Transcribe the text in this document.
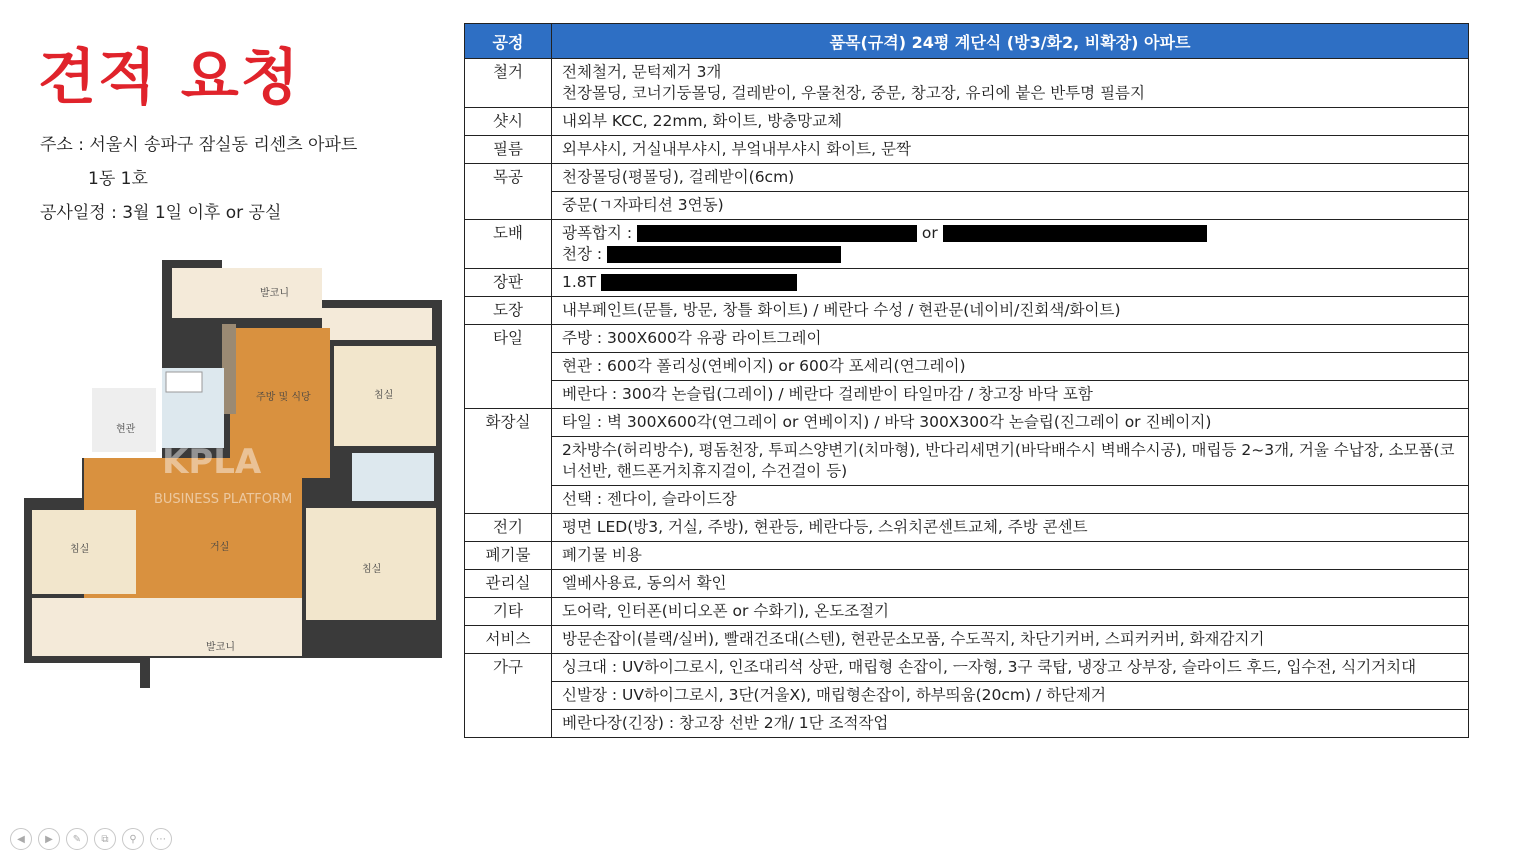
견적 요청
주소 : 서울시 송파구 잠실동 리센츠 아파트
1동 1호
공사일정 : 3월 1일 이후 or 공실
발코니
주방 및 식당	침실
현관
거실
침실
침실
발코니
KPLA
BUSINESS PLATFORM
공정	품목(규격) 24평 계단식 (방3/화2, 비확장) 아파트
철거	전체철거, 문턱제거 3개
천장몰딩, 코너기둥몰딩, 걸레받이, 우물천장, 중문, 창고장, 유리에 붙은 반투명 필름지

샷시	내외부 KCC, 22mm, 화이트, 방충망교체
필름	외부샤시, 거실내부샤시, 부엌내부샤시 화이트, 문짝
목공	천장몰딩(평몰딩), 걸레받이(6cm)
	중문(ㄱ자파티션 3연동)
도배	광폭합지 : or
천장 :

장판	1.8T
도장	내부페인트(문틀, 방문, 창틀 화이트) / 베란다 수성 / 현관문(네이비/진회색/화이트)
타일	주방 : 300X600각 유광 라이트그레이
	현관 : 600각 폴리싱(연베이지) or 600각 포세리(연그레이)
	베란다 : 300각 논슬립(그레이) / 베란다 걸레받이 타일마감 / 창고장 바닥 포함
화장실	타일 : 벽 300X600각(연그레이 or 연베이지) / 바닥 300X300각 논슬립(진그레이 or 진베이지)
	2차방수(허리방수), 평돔천장, 투피스양변기(치마형), 반다리세면기(바닥배수시 벽배수시공), 매립등 2~3개, 거울 수납장, 소모품(코너선반, 핸드폰거치휴지걸이, 수건걸이 등)
	선택 : 젠다이, 슬라이드장
전기	평면 LED(방3, 거실, 주방), 현관등, 베란다등, 스위치콘센트교체, 주방 콘센트
폐기물	폐기물 비용
관리실	엘베사용료, 동의서 확인
기타	도어락, 인터폰(비디오폰 or 수화기), 온도조절기
서비스	방문손잡이(블랙/실버), 빨래건조대(스텐), 현관문소모품, 수도꼭지, 차단기커버, 스피커커버, 화재감지기
가구	싱크대 : UV하이그로시, 인조대리석 상판, 매립형 손잡이, ㅡ자형, 3구 쿡탑, 냉장고 상부장, 슬라이드 후드, 입수전, 식기거치대
	신발장 : UV하이그로시, 3단(거울X), 매립형손잡이, 하부띄움(20cm) / 하단제거
	베란다장(긴장) : 창고장 선반 2개/ 1단 조적작업
◀	▶	✎	⧉	⚲	⋯
